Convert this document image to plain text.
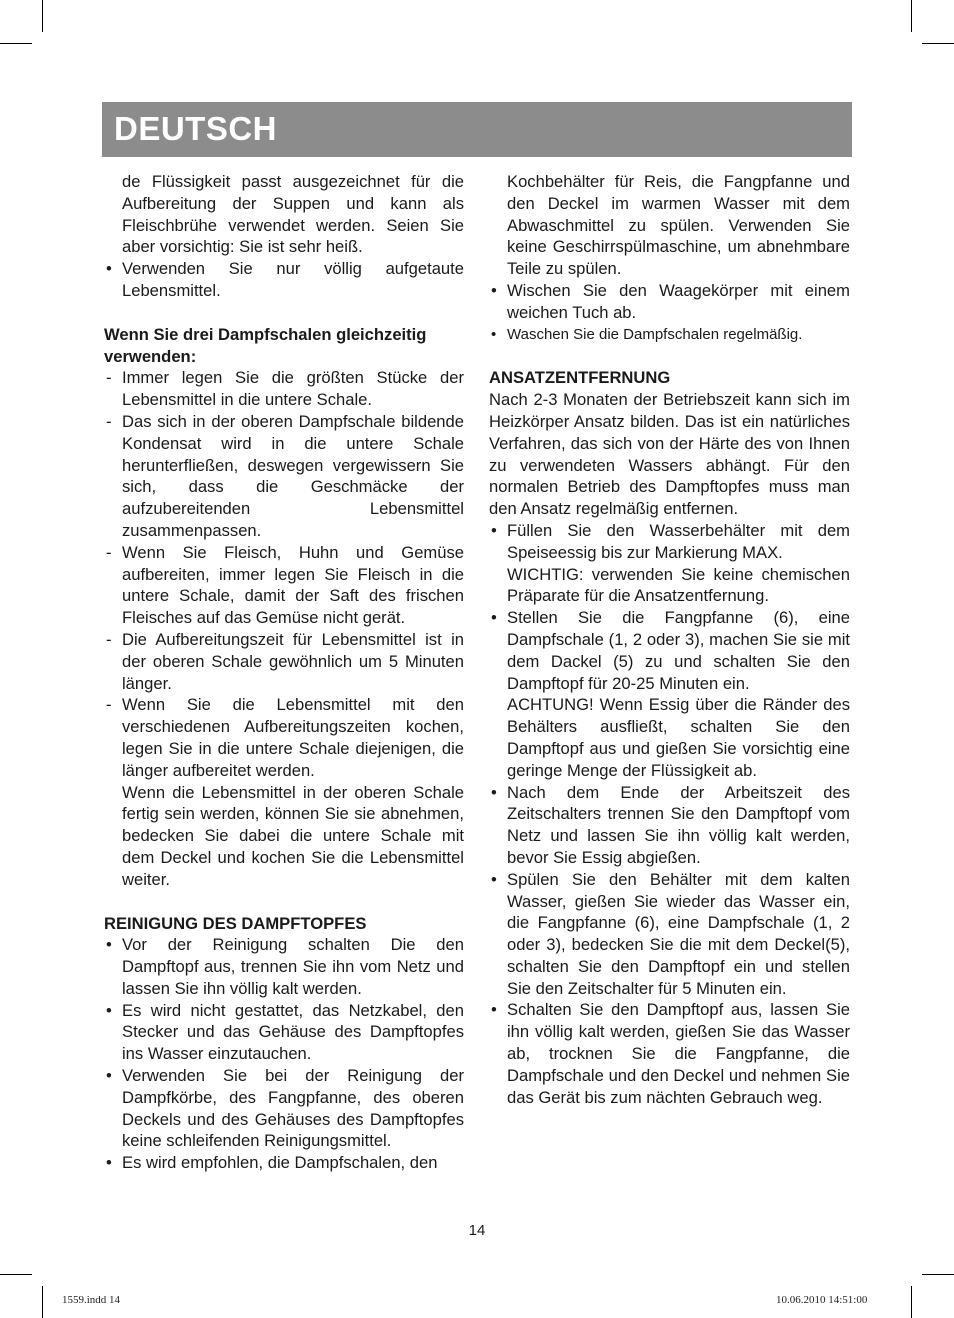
DEUTSCH

de Flüssigkeit passt ausgezeichnet für die Aufbereitung der Suppen und kann als Fleischbrühe verwendet werden. Seien Sie aber vorsichtig: Sie ist sehr heiß.

• Verwenden Sie nur völlig aufgetaute Lebensmittel.

Wenn Sie drei Dampfschalen gleichzeitig verwenden:

- Immer legen Sie die größten Stücke der Lebensmittel in die untere Schale.

- Das sich in der oberen Dampfschale bildende Kondensat wird in die untere Schale herunterfließen, deswegen vergewissern Sie sich, dass die Geschmäcke der aufzubereitenden Lebensmittel zusammenpassen.

- Wenn Sie Fleisch, Huhn und Gemüse aufbereiten, immer legen Sie Fleisch in die untere Schale, damit der Saft des frischen Fleisches auf das Gemüse nicht gerät.

- Die Aufbereitungszeit für Lebensmittel ist in der oberen Schale gewöhnlich um 5 Minuten länger.

- Wenn Sie die Lebensmittel mit den verschiedenen Aufbereitungszeiten kochen, legen Sie in die untere Schale diejenigen, die länger aufbereitet werden.

Wenn die Lebensmittel in der oberen Schale fertig sein werden, können Sie sie abnehmen, bedecken Sie dabei die untere Schale mit dem Deckel und kochen Sie die Lebensmittel weiter.

REINIGUNG DES DAMPFTOPFES

• Vor der Reinigung schalten Die den Dampftopf aus, trennen Sie ihn vom Netz und lassen Sie ihn völlig kalt werden.

• Es wird nicht gestattet, das Netzkabel, den Stecker und das Gehäuse des Dampftopfes ins Wasser einzutauchen.

• Verwenden Sie bei der Reinigung der Dampfkörbe, des Fangpfanne, des oberen Deckels und des Gehäuses des Dampftopfes keine schleifenden Reinigungsmittel.

• Es wird empfohlen, die Dampfschalen, den

Kochbehälter für Reis, die Fangpfanne und den Deckel im warmen Wasser mit dem Abwaschmittel zu spülen. Verwenden Sie keine Geschirrspülmaschine, um abnehmbare Teile zu spülen.

• Wischen Sie den Waagekörper mit einem weichen Tuch ab.

• Waschen Sie die Dampfschalen regelmäßig.

ANSATZENTFERNUNG

Nach 2-3 Monaten der Betriebszeit kann sich im Heizkörper Ansatz bilden. Das ist ein natürliches Verfahren, das sich von der Härte des von Ihnen zu verwendeten Wassers abhängt. Für den normalen Betrieb des Dampftopfes muss man den Ansatz regelmäßig entfernen.

• Füllen Sie den Wasserbehälter mit dem Speiseessig bis zur Markierung MAX.

WICHTIG: verwenden Sie keine chemischen Präparate für die Ansatzentfernung.

• Stellen Sie die Fangpfanne (6), eine Dampfschale (1, 2 oder 3), machen Sie sie mit dem Dackel (5) zu und schalten Sie den Dampftopf für 20-25 Minuten ein.

ACHTUNG! Wenn Essig über die Ränder des Behälters ausfließt, schalten Sie den Dampftopf aus und gießen Sie vorsichtig eine geringe Menge der Flüssigkeit ab.

• Nach dem Ende der Arbeitszeit des Zeitschalters trennen Sie den Dampftopf vom Netz und lassen Sie ihn völlig kalt werden, bevor Sie Essig abgießen.

• Spülen Sie den Behälter mit dem kalten Wasser, gießen Sie wieder das Wasser ein, die Fangpfanne (6), eine Dampfschale (1, 2 oder 3), bedecken Sie die mit dem Deckel(5), schalten Sie den Dampftopf ein und stellen Sie den Zeitschalter für 5 Minuten ein.

• Schalten Sie den Dampftopf aus, lassen Sie ihn völlig kalt werden, gießen Sie das Wasser ab, trocknen Sie die Fangpfanne, die Dampfschale und den Deckel und nehmen Sie das Gerät bis zum nächten Gebrauch weg.

14
1559.indd 14	10.06.2010 14:51:00
